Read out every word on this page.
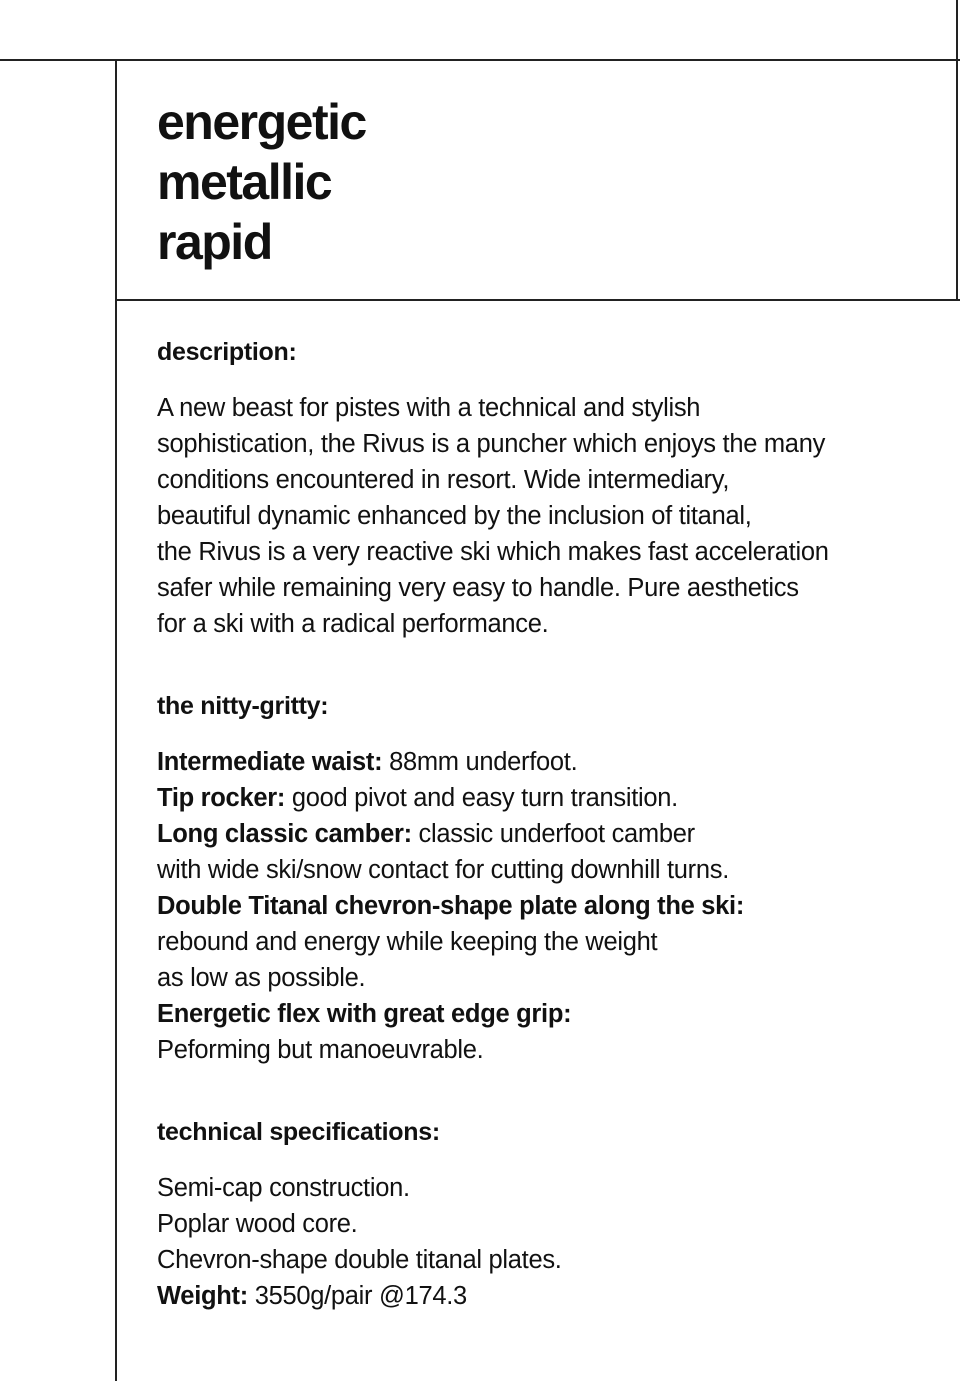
energetic
metallic
rapid

description:

A new beast for pistes with a technical and stylish
sophistication, the Rivus is a puncher which enjoys the many
conditions encountered in resort. Wide intermediary,
beautiful dynamic enhanced by the inclusion of titanal,
the Rivus is a very reactive ski which makes fast acceleration
safer while remaining very easy to handle. Pure aesthetics
for a ski with a radical performance.

the nitty-gritty:

Intermediate waist: 88mm underfoot.
Tip rocker: good pivot and easy turn transition.
Long classic camber: classic underfoot camber
with wide ski/snow contact for cutting downhill turns.
Double Titanal chevron-shape plate along the ski:
rebound and energy while keeping the weight
as low as possible.
Energetic flex with great edge grip:
Peforming but manoeuvrable.

technical specifications:

Semi-cap construction.
Poplar wood core.
Chevron-shape double titanal plates.
Weight: 3550g/pair @174.3
